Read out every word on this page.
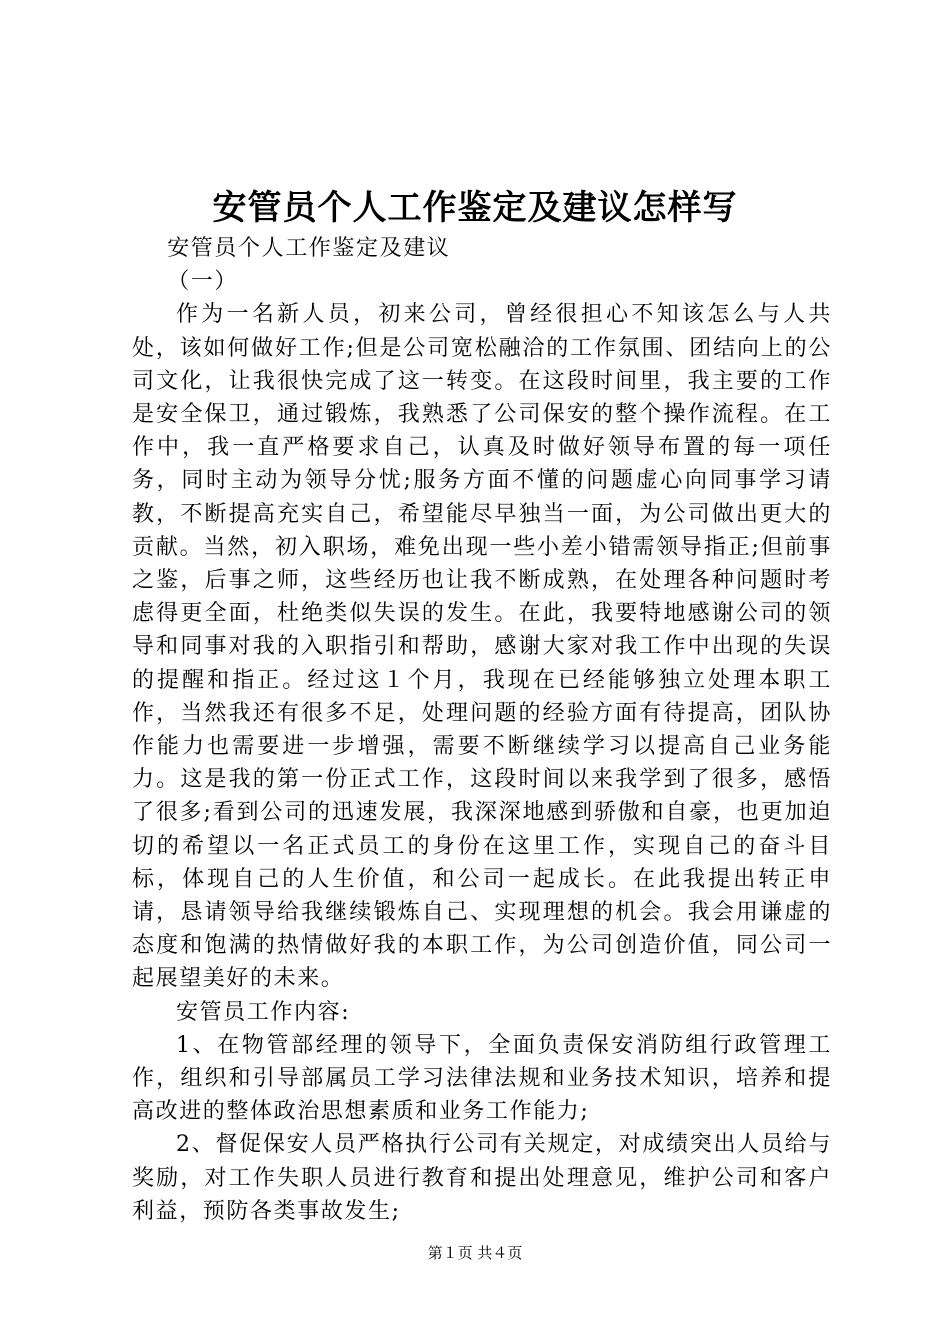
安管员个人工作鉴定及建议怎样写

安管员个人工作鉴定及建议

（一）

作为一名新人员，初来公司，曾经很担心不知该怎么与人共处，该如何做好工作;但是公司宽松融洽的工作氛围、团结向上的公司文化，让我很快完成了这一转变。在这段时间里，我主要的工作是安全保卫，通过锻炼，我熟悉了公司保安的整个操作流程。在工作中，我一直严格要求自己，认真及时做好领导布置的每一项任务，同时主动为领导分忧;服务方面不懂的问题虚心向同事学习请教，不断提高充实自己，希望能尽早独当一面，为公司做出更大的贡献。当然，初入职场，难免出现一些小差小错需领导指正;但前事之鉴，后事之师，这些经历也让我不断成熟，在处理各种问题时考虑得更全面，杜绝类似失误的发生。在此，我要特地感谢公司的领导和同事对我的入职指引和帮助，感谢大家对我工作中出现的失误的提醒和指正。经过这１个月，我现在已经能够独立处理本职工作，当然我还有很多不足，处理问题的经验方面有待提高，团队协作能力也需要进一步增强，需要不断继续学习以提高自己业务能力。这是我的第一份正式工作，这段时间以来我学到了很多，感悟了很多;看到公司的迅速发展，我深深地感到骄傲和自豪，也更加迫切的希望以一名正式员工的身份在这里工作，实现自己的奋斗目标，体现自己的人生价值，和公司一起成长。在此我提出转正申请，恳请领导给我继续锻炼自己、实现理想的机会。我会用谦虚的态度和饱满的热情做好我的本职工作，为公司创造价值，同公司一起展望美好的未来。

安管员工作内容:

1、在物管部经理的领导下，全面负责保安消防组行政管理工作，组织和引导部属员工学习法律法规和业务技术知识，培养和提高改进的整体政治思想素质和业务工作能力;

2、督促保安人员严格执行公司有关规定，对成绩突出人员给与奖励，对工作失职人员进行教育和提出处理意见，维护公司和客户利益，预防各类事故发生;

第１页 共４页
